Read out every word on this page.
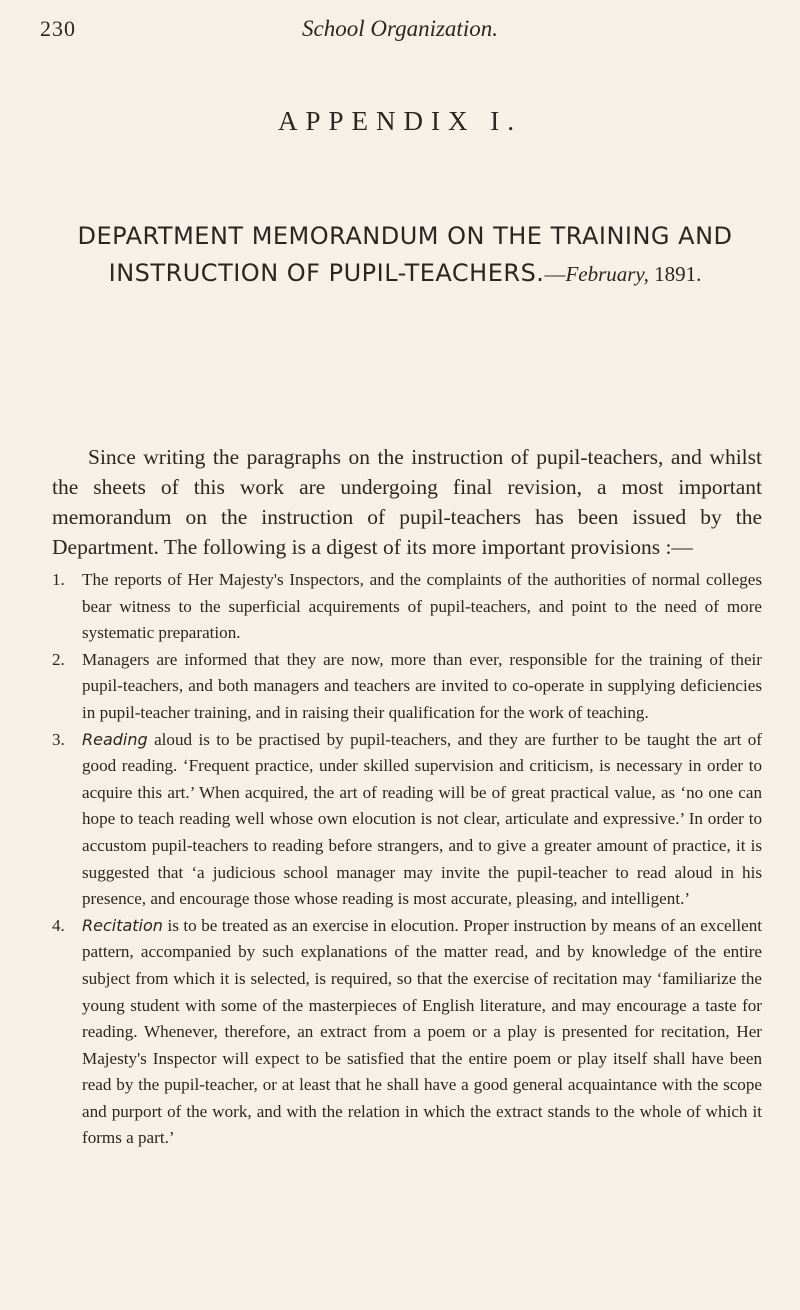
230	School Organization.
APPENDIX I.
DEPARTMENT MEMORANDUM ON THE TRAINING AND INSTRUCTION OF PUPIL-TEACHERS.—February, 1891.

Since writing the paragraphs on the instruction of pupil-teachers, and whilst the sheets of this work are undergoing final revision, a most important memorandum on the instruction of pupil-teachers has been issued by the Department. The following is a digest of its more important provisions :—

1. The reports of Her Majesty's Inspectors, and the complaints of the authorities of normal colleges bear witness to the superficial acquirements of pupil-teachers, and point to the need of more systematic preparation.
2. Managers are informed that they are now, more than ever, responsible for the training of their pupil-teachers, and both managers and teachers are invited to co-operate in supplying deficiencies in pupil-teacher training, and in raising their qualification for the work of teaching.
3. Reading aloud is to be practised by pupil-teachers, and they are further to be taught the art of good reading. ‘Frequent practice, under skilled supervision and criticism, is necessary in order to acquire this art.’ When acquired, the art of reading will be of great practical value, as ‘no one can hope to teach reading well whose own elocution is not clear, articulate and expressive.’ In order to accustom pupil-teachers to reading before strangers, and to give a greater amount of practice, it is suggested that ‘a judicious school manager may invite the pupil-teacher to read aloud in his presence, and encourage those whose reading is most accurate, pleasing, and intelligent.’
4. Recitation is to be treated as an exercise in elocution. Proper instruction by means of an excellent pattern, accompanied by such explanations of the matter read, and by knowledge of the entire subject from which it is selected, is required, so that the exercise of recitation may ‘familiarize the young student with some of the masterpieces of English literature, and may encourage a taste for reading. Whenever, therefore, an extract from a poem or a play is presented for recitation, Her Majesty's Inspector will expect to be satisfied that the entire poem or play itself shall have been read by the pupil-teacher, or at least that he shall have a good general acquaintance with the scope and purport of the work, and with the relation in which the extract stands to the whole of which it forms a part.’
